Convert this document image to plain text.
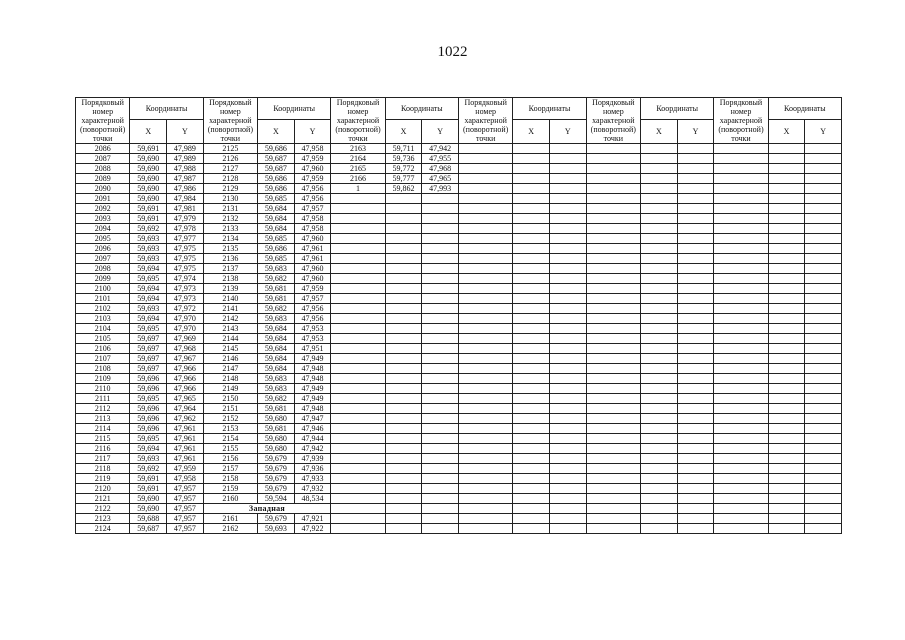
1022
Порядковый номер характерной (поворотной) точки	Координаты		Порядковый номер характерной (поворотной) точки	Координаты		Порядковый номер характерной (поворотной) точки	Координаты		Порядковый номер характерной (поворотной) точки	Координаты		Порядковый номер характерной (поворотной) точки	Координаты		Порядковый номер характерной (поворотной) точки	Координаты	
	X	Y		X	Y		X	Y		X	Y		X	Y		X	Y
2086	59,691	47,989	2125	59,686	47,958	2163	59,711	47,942									
2087	59,690	47,989	2126	59,687	47,959	2164	59,736	47,955									
2088	59,690	47,988	2127	59,687	47,960	2165	59,772	47,968									
2089	59,690	47,987	2128	59,686	47,959	2166	59,777	47,965									
2090	59,690	47,986	2129	59,686	47,956	1	59,862	47,993									
2091	59,690	47,984	2130	59,685	47,956												
2092	59,691	47,981	2131	59,684	47,957												
2093	59,691	47,979	2132	59,684	47,958												
2094	59,692	47,978	2133	59,684	47,958												
2095	59,693	47,977	2134	59,685	47,960												
2096	59,693	47,975	2135	59,686	47,961												
2097	59,693	47,975	2136	59,685	47,961												
2098	59,694	47,975	2137	59,683	47,960												
2099	59,695	47,974	2138	59,682	47,960												
2100	59,694	47,973	2139	59,681	47,959												
2101	59,694	47,973	2140	59,681	47,957												
2102	59,693	47,972	2141	59,682	47,956												
2103	59,694	47,970	2142	59,683	47,956												
2104	59,695	47,970	2143	59,684	47,953												
2105	59,697	47,969	2144	59,684	47,953												
2106	59,697	47,968	2145	59,684	47,951												
2107	59,697	47,967	2146	59,684	47,949												
2108	59,697	47,966	2147	59,684	47,948												
2109	59,696	47,966	2148	59,683	47,948												
2110	59,696	47,966	2149	59,683	47,949												
2111	59,695	47,965	2150	59,682	47,949												
2112	59,696	47,964	2151	59,681	47,948												
2113	59,696	47,962	2152	59,680	47,947												
2114	59,696	47,961	2153	59,681	47,946												
2115	59,695	47,961	2154	59,680	47,944												
2116	59,694	47,961	2155	59,680	47,942												
2117	59,693	47,961	2156	59,679	47,939												
2118	59,692	47,959	2157	59,679	47,936												
2119	59,691	47,958	2158	59,679	47,933												
2120	59,691	47,957	2159	59,679	47,932												
2121	59,690	47,957	2160	59,594	48,534												
2122	59,690	47,957	Западная														
2123	59,688	47,957	2161	59,679	47,921												
2124	59,687	47,957	2162	59,693	47,922												
